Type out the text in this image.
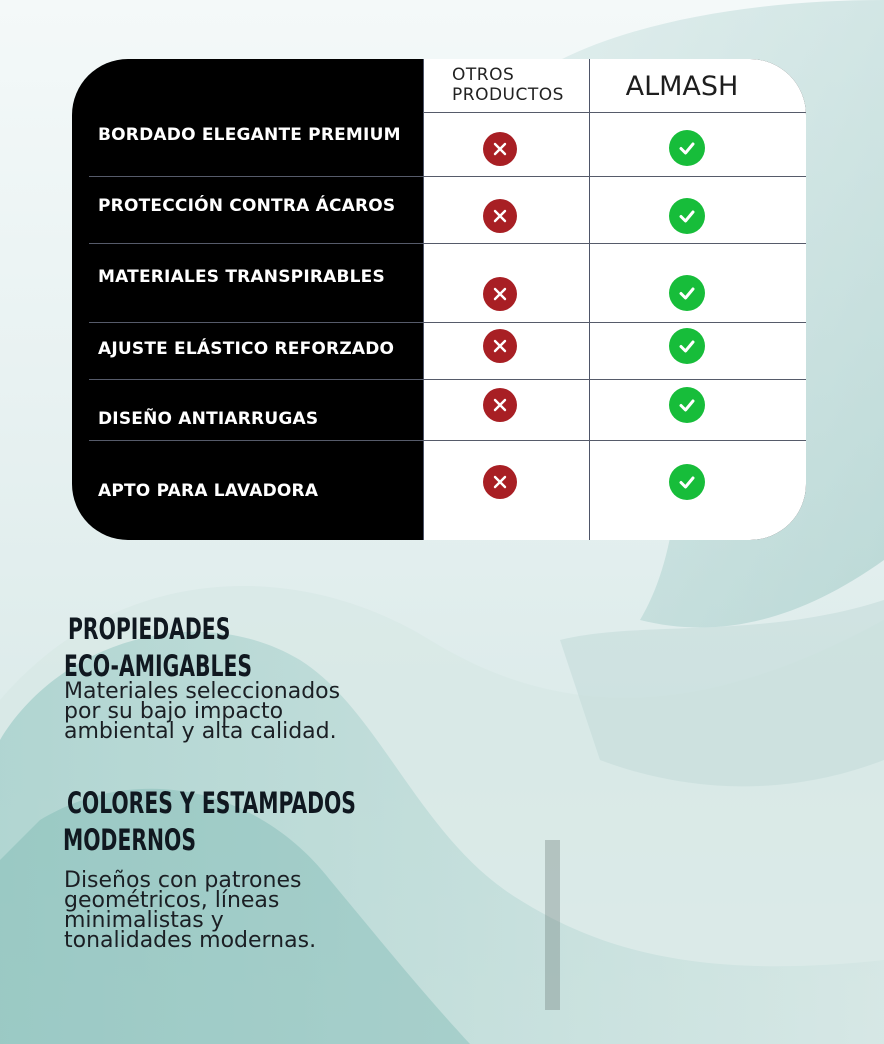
OTROS
PRODUCTOS	ALMASH
BORDADO ELEGANTE PREMIUM
PROTECCIÓN CONTRA ÁCAROS
MATERIALES TRANSPIRABLES
AJUSTE ELÁSTICO REFORZADO
DISEÑO ANTIARRUGAS
APTO PARA LAVADORA
PROPIEDADES
ECO-AMIGABLES
Materiales seleccionados
por su bajo impacto
ambiental y alta calidad.
COLORES Y ESTAMPADOS
MODERNOS
Diseños con patrones
geométricos, líneas
minimalistas y
tonalidades modernas.
